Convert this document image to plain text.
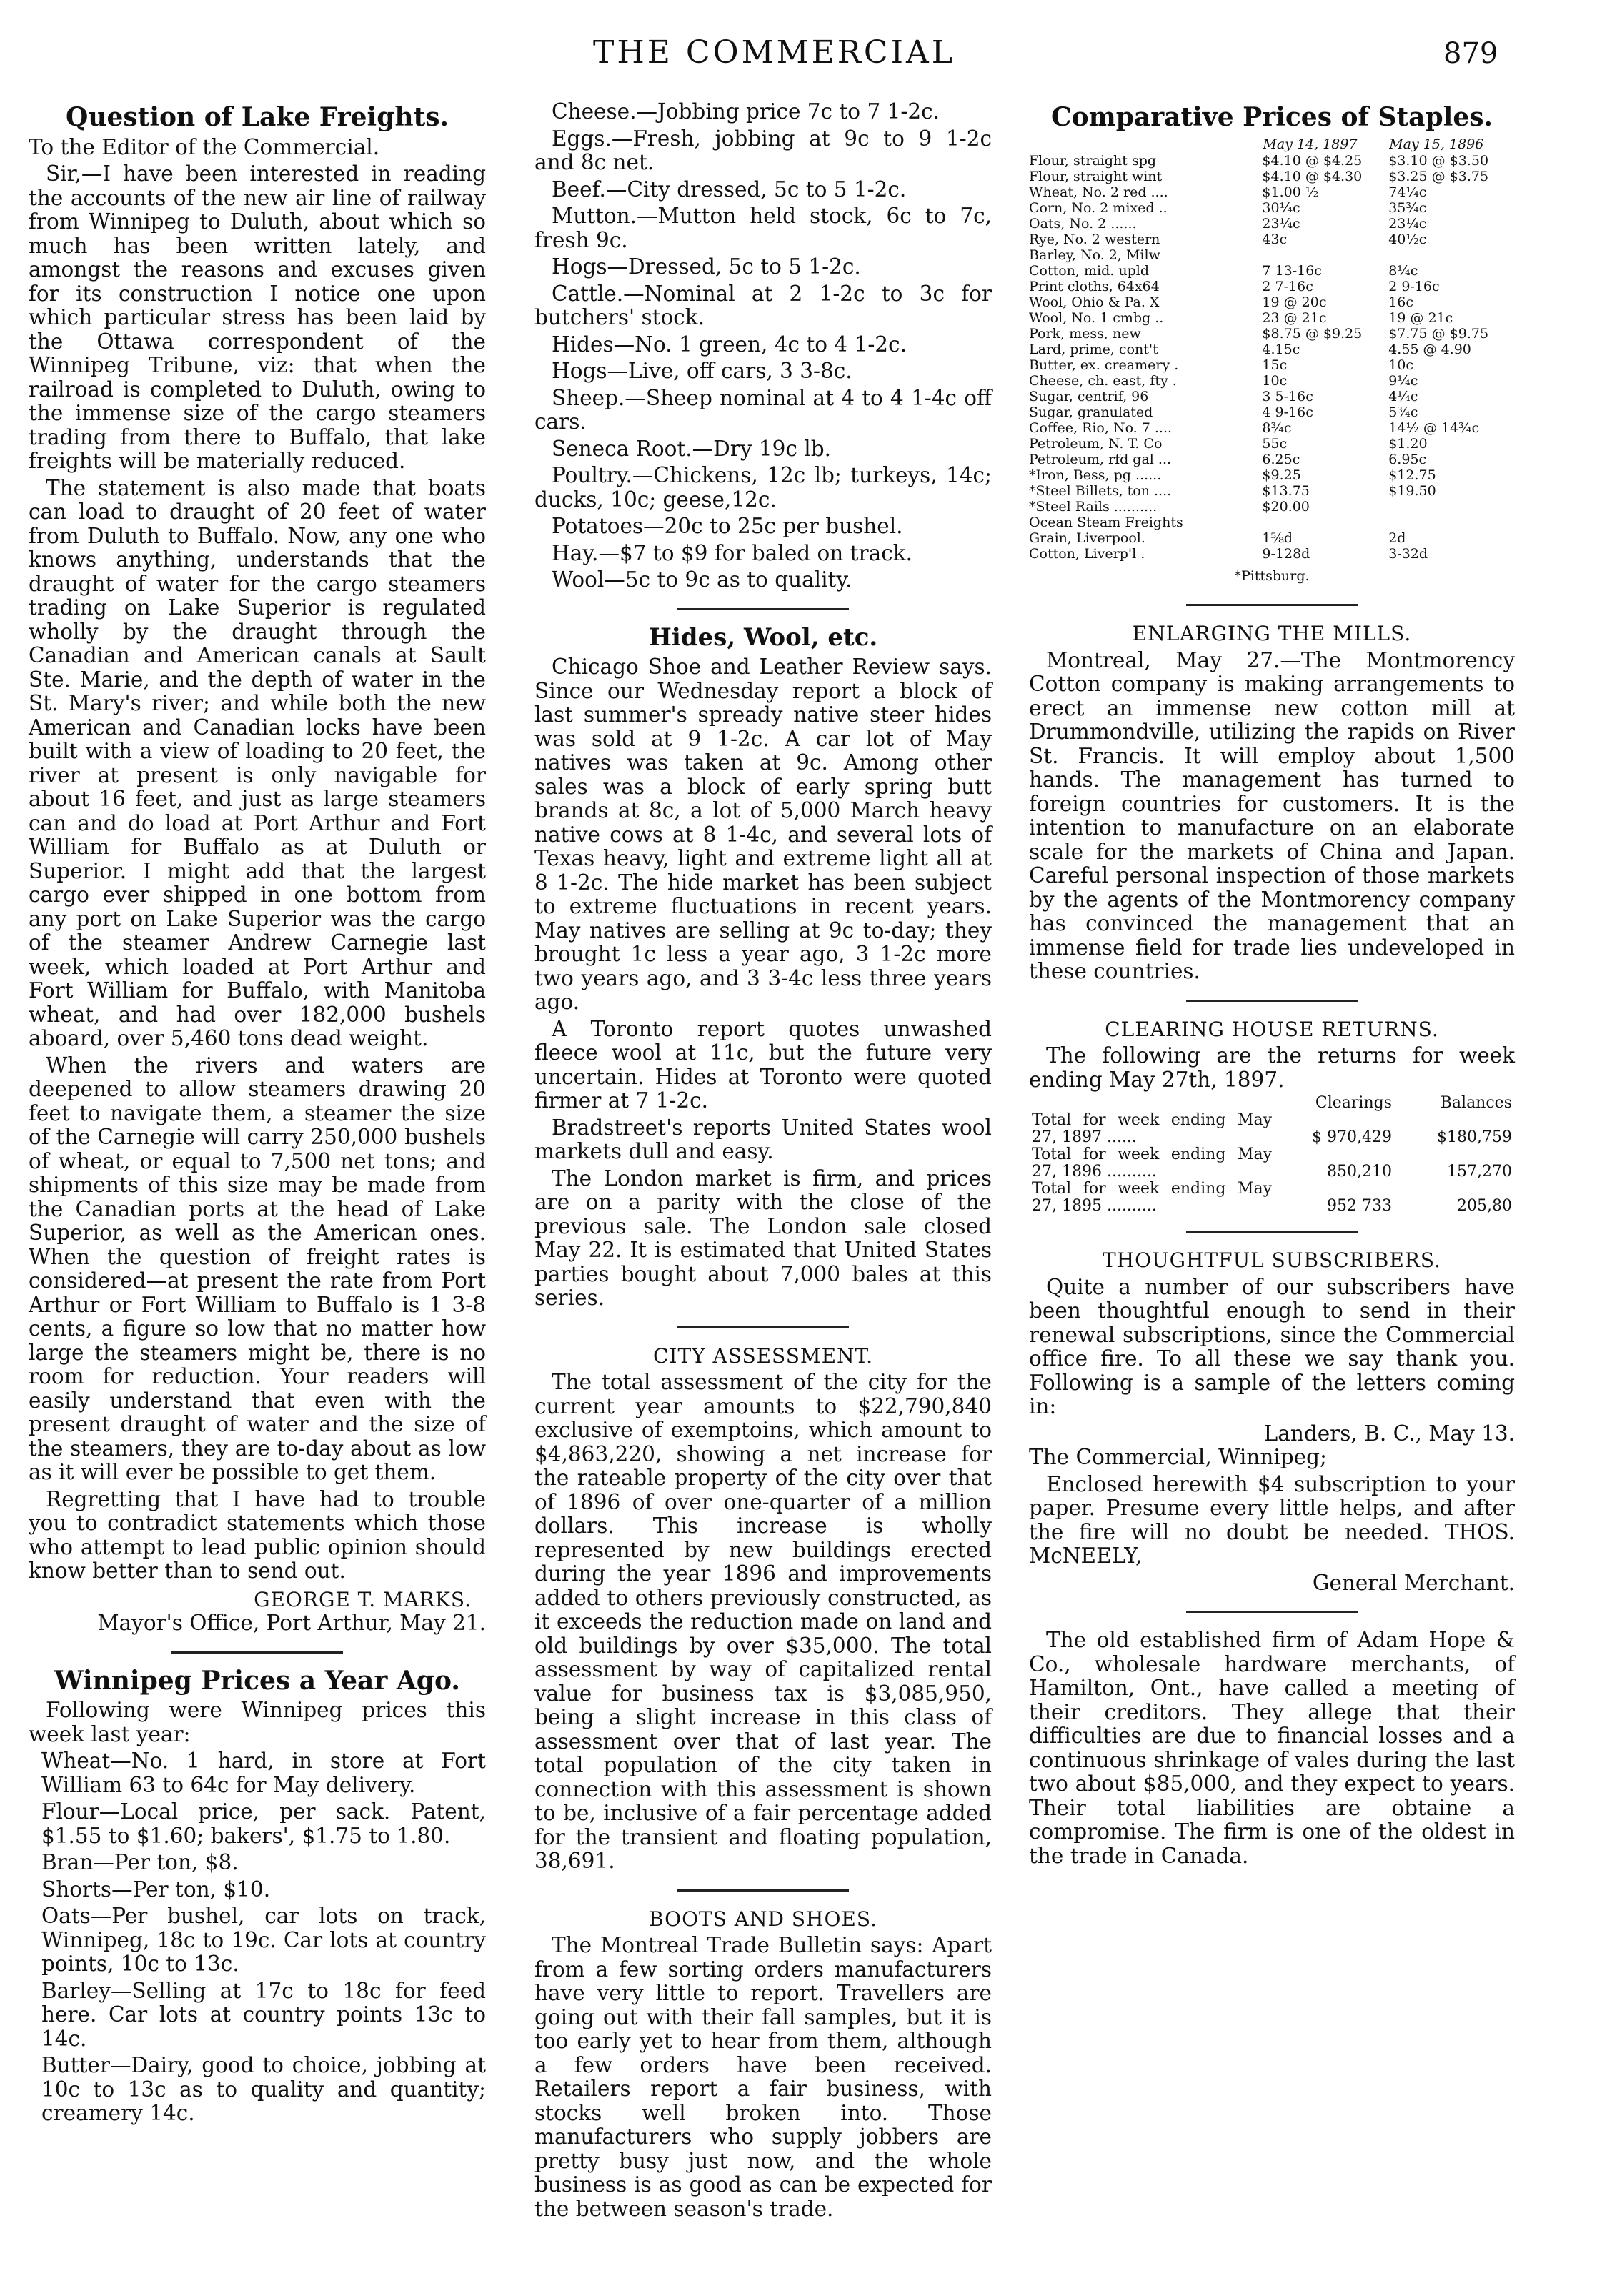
THE COMMERCIAL	879
Question of Lake Freights.

To the Editor of the Commercial.

Sir,—I have been interested in reading the accounts of the new air line of railway from Winnipeg to Duluth, about which so much has been written lately, and amongst the reasons and excuses given for its construction I notice one upon which particular stress has been laid by the Ottawa correspondent of the Winnipeg Tribune, viz: that when the railroad is completed to Duluth, owing to the immense size of the cargo steamers trading from there to Buffalo, that lake freights will be materially reduced.

The statement is also made that boats can load to draught of 20 feet of water from Duluth to Buffalo. Now, any one who knows anything, understands that the draught of water for the cargo steamers trading on Lake Superior is regulated wholly by the draught through the Canadian and American canals at Sault Ste. Marie, and the depth of water in the St. Mary's river; and while both the new American and Canadian locks have been built with a view of loading to 20 feet, the river at present is only navigable for about 16 feet, and just as large steamers can and do load at Port Arthur and Fort William for Buffalo as at Duluth or Superior. I might add that the largest cargo ever shipped in one bottom from any port on Lake Superior was the cargo of the steamer Andrew Carnegie last week, which loaded at Port Arthur and Fort William for Buffalo, with Manitoba wheat, and had over 182,000 bushels aboard, over 5,460 tons dead weight.

When the rivers and waters are deepened to allow steamers drawing 20 feet to navigate them, a steamer the size of the Carnegie will carry 250,000 bushels of wheat, or equal to 7,500 net tons; and shipments of this size may be made from the Canadian ports at the head of Lake Superior, as well as the American ones. When the question of freight rates is considered—at present the rate from Port Arthur or Fort William to Buffalo is 1 3-8 cents, a figure so low that no matter how large the steamers might be, there is no room for reduction. Your readers will easily understand that even with the present draught of water and the size of the steamers, they are to-day about as low as it will ever be possible to get them.

Regretting that I have had to trouble you to contradict statements which those who attempt to lead public opinion should know better than to send out.

GEORGE T. MARKS.
Mayor's Office, Port Arthur, May 21.
Winnipeg Prices a Year Ago.

Following were Winnipeg prices this week last year:

Wheat—No. 1 hard, in store at Fort William 63 to 64c for May delivery.

Flour—Local price, per sack. Patent, $1.55 to $1.60; bakers', $1.75 to 1.80.

Bran—Per ton, $8.

Shorts—Per ton, $10.

Oats—Per bushel, car lots on track, Winnipeg, 18c to 19c. Car lots at country points, 10c to 13c.

Barley—Selling at 17c to 18c for feed here. Car lots at country points 13c to 14c.

Butter—Dairy, good to choice, jobbing at 10c to 13c as to quality and quantity; creamery 14c.

Cheese.—Jobbing price 7c to 7 1-2c.

Eggs.—Fresh, jobbing at 9c to 9 1-2c and 8c net.

Beef.—City dressed, 5c to 5 1-2c.

Mutton.—Mutton held stock, 6c to 7c, fresh 9c.

Hogs—Dressed, 5c to 5 1-2c.

Cattle.—Nominal at 2 1-2c to 3c for butchers' stock.

Hides—No. 1 green, 4c to 4 1-2c.

Hogs—Live, off cars, 3 3-8c.

Sheep.—Sheep nominal at 4 to 4 1-4c off cars.

Seneca Root.—Dry 19c lb.

Poultry.—Chickens, 12c lb; turkeys, 14c; ducks, 10c; geese,12c.

Potatoes—20c to 25c per bushel.

Hay.—$7 to $9 for baled on track.

Wool—5c to 9c as to quality.

Hides, Wool, etc.

Chicago Shoe and Leather Review says. Since our Wednesday report a block of last summer's spready native steer hides was sold at 9 1-2c. A car lot of May natives was taken at 9c. Among other sales was a block of early spring butt brands at 8c, a lot of 5,000 March heavy native cows at 8 1-4c, and several lots of Texas heavy, light and extreme light all at 8 1-2c. The hide market has been subject to extreme fluctuations in recent years. May natives are selling at 9c to-day; they brought 1c less a year ago, 3 1-2c more two years ago, and 3 3-4c less three years ago.

A Toronto report quotes unwashed fleece wool at 11c, but the future very uncertain. Hides at Toronto were quoted firmer at 7 1-2c.

Bradstreet's reports United States wool markets dull and easy.

The London market is firm, and prices are on a parity with the close of the previous sale. The London sale closed May 22. It is estimated that United States parties bought about 7,000 bales at this series.

CITY ASSESSMENT.

The total assessment of the city for the current year amounts to $22,790,840 exclusive of exemptoins, which amount to $4,863,220, showing a net increase for the rateable property of the city over that of 1896 of over one-quarter of a million dollars. This increase is wholly represented by new buildings erected during the year 1896 and improvements added to others previously constructed, as it exceeds the reduction made on land and old buildings by over $35,000. The total assessment by way of capitalized rental value for business tax is $3,085,950, being a slight increase in this class of assessment over that of last year. The total population of the city taken in connection with this assessment is shown to be, inclusive of a fair percentage added for the transient and floating population, 38,691.

BOOTS AND SHOES.

The Montreal Trade Bulletin says: Apart from a few sorting orders manufacturers have very little to report. Travellers are going out with their fall samples, but it is too early yet to hear from them, although a few orders have been received. Retailers report a fair business, with stocks well broken into. Those manufacturers who supply jobbers are pretty busy just now, and the whole business is as good as can be expected for the between season's trade.

Comparative Prices of Staples.
	May 14, 1897	May 15, 1896
Flour, straight spg	$4.10 @ $4.25	$3.10 @ $3.50
Flour, straight wint	$4.10 @ $4.30	$3.25 @ $3.75
Wheat, No. 2 red ....	$1.00 ½	74¼c
Corn, No. 2 mixed ..	30¼c	35¾c
Oats, No. 2 ......	23¼c	23¼c
Rye, No. 2 western	43c	40½c
Barley, No. 2, Milw		
Cotton, mid. upld	7 13-16c	8¼c
Print cloths, 64x64	2 7-16c	2 9-16c
Wool, Ohio & Pa. X	19 @ 20c	16c
Wool, No. 1 cmbg ..	23 @ 21c	19 @ 21c
Pork, mess, new	$8.75 @ $9.25	$7.75 @ $9.75
Lard, prime, cont't	4.15c	4.55 @ 4.90
Butter, ex. creamery .	15c	10c
Cheese, ch. east, fty .	10c	9¼c
Sugar, centrif, 96	3 5-16c	4¼c
Sugar, granulated	4 9-16c	5¾c
Coffee, Rio, No. 7 ....	8¾c	14½ @ 14¾c
Petroleum, N. T. Co	55c	$1.20
Petroleum, rfd gal ...	6.25c	6.95c
*Iron, Bess, pg ......	$9.25	$12.75
*Steel Billets, ton ....	$13.75	$19.50
*Steel Rails ..........	$20.00	
Ocean Steam Freights		
Grain, Liverpool.	1⅝d	2d
Cotton, Liverp'l .	9-128d	3-32d
*Pittsburg.
ENLARGING THE MILLS.

Montreal, May 27.—The Montmorency Cotton company is making arrangements to erect an immense new cotton mill at Drummondville, utilizing the rapids on River St. Francis. It will employ about 1,500 hands. The management has turned to foreign countries for customers. It is the intention to manufacture on an elaborate scale for the markets of China and Japan. Careful personal inspection of those markets by the agents of the Montmorency company has convinced the management that an immense field for trade lies undeveloped in these countries.

CLEARING HOUSE RETURNS.

The following are the returns for week ending May 27th, 1897.

	Clearings	Balances
Total for week ending May 27, 1897 ......	$ 970,429	$180,759
Total for week ending May 27, 1896 ..........	850,210	157,270
Total for week ending May 27, 1895 ..........	952 733	205,80
THOUGHTFUL SUBSCRIBERS.

Quite a number of our subscribers have been thoughtful enough to send in their renewal subscriptions, since the Commercial office fire. To all these we say thank you. Following is a sample of the letters coming in:

Landers, B. C., May 13.

The Commercial, Winnipeg;

Enclosed herewith $4 subscription to your paper. Presume every little helps, and after the fire will no doubt be needed. THOS. McNEELY,

General Merchant.

The old established firm of Adam Hope & Co., wholesale hardware merchants, of Hamilton, Ont., have called a meeting of their creditors. They allege that their difficulties are due to financial losses and a continuous shrinkage of vales during the last two about $85,000, and they expect to years. Their total liabilities are obtaine a compromise. The firm is one of the oldest in the trade in Canada.
